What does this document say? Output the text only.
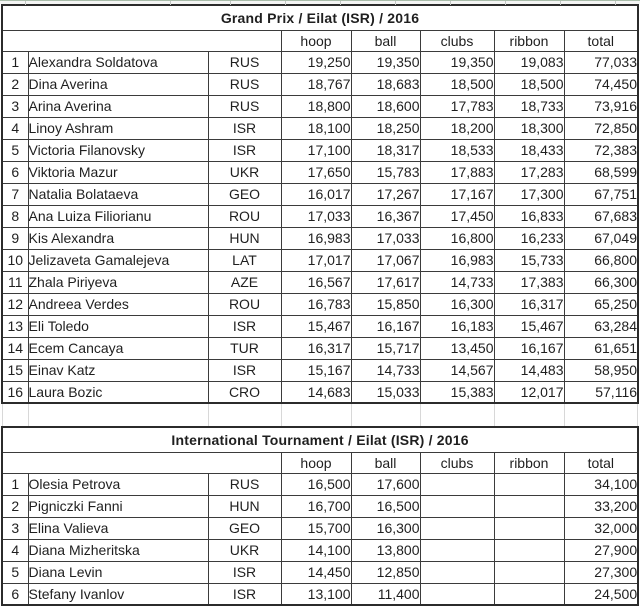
Grand Prix / Eilat (ISR) / 2016							
			hoop	ball	clubs	ribbon	total
1	Alexandra Soldatova	RUS	19,250	19,350	19,350	19,083	77,033
2	Dina Averina	RUS	18,767	18,683	18,500	18,500	74,450
3	Arina Averina	RUS	18,800	18,600	17,783	18,733	73,916
4	Linoy Ashram	ISR	18,100	18,250	18,200	18,300	72,850
5	Victoria Filanovsky	ISR	17,100	18,317	18,533	18,433	72,383
6	Viktoria Mazur	UKR	17,650	15,783	17,883	17,283	68,599
7	Natalia Bolataeva	GEO	16,017	17,267	17,167	17,300	67,751
8	Ana Luiza Filiorianu	ROU	17,033	16,367	17,450	16,833	67,683
9	Kis Alexandra	HUN	16,983	17,033	16,800	16,233	67,049
10	Jelizaveta Gamalejeva	LAT	17,017	17,067	16,983	15,733	66,800
11	Zhala Piriyeva	AZE	16,567	17,617	14,733	17,383	66,300
12	Andreea Verdes	ROU	16,783	15,850	16,300	16,317	65,250
13	Eli Toledo	ISR	15,467	16,167	16,183	15,467	63,284
14	Ecem Cancaya	TUR	16,317	15,717	13,450	16,167	61,651
15	Einav Katz	ISR	15,167	14,733	14,567	14,483	58,950
16	Laura Bozic	CRO	14,683	15,033	15,383	12,017	57,116
International Tournament / Eilat (ISR) / 2016							
			hoop	ball	clubs	ribbon	total
1	Olesia Petrova	RUS	16,500	17,600			34,100
2	Pigniczki Fanni	HUN	16,700	16,500			33,200
3	Elina Valieva	GEO	15,700	16,300			32,000
4	Diana Mizheritska	UKR	14,100	13,800			27,900
5	Diana Levin	ISR	14,450	12,850			27,300
6	Stefany Ivanlov	ISR	13,100	11,400			24,500
